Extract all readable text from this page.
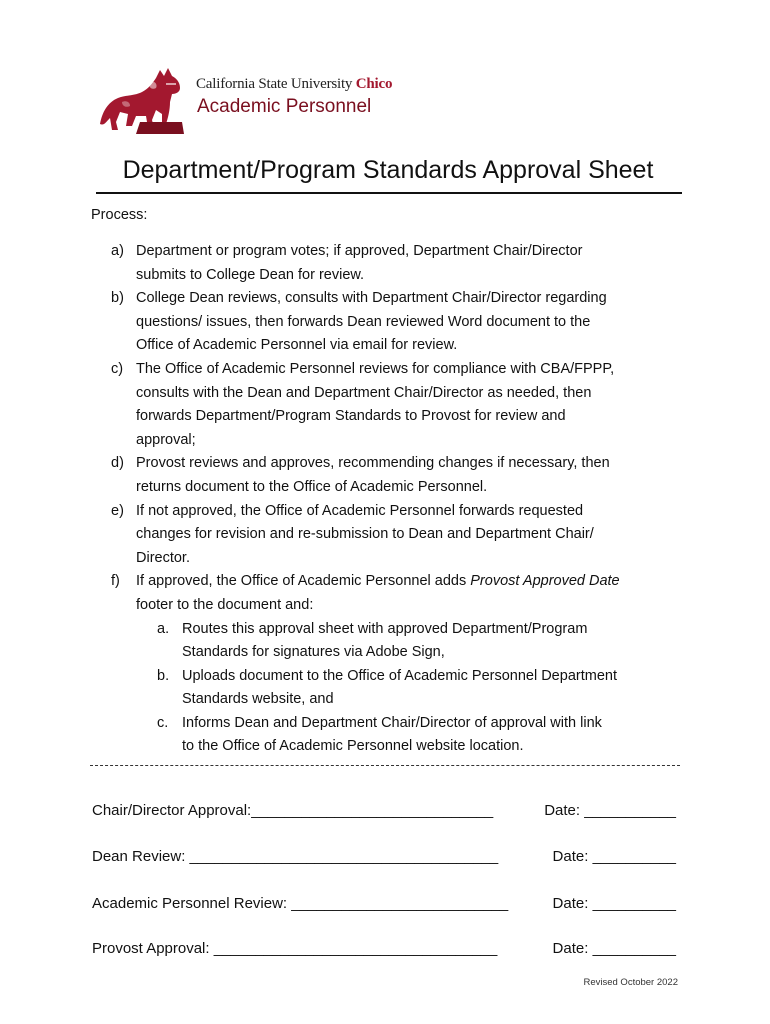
California State University Chico
Academic Personnel
Department/Program Standards Approval Sheet
Process:
a) Department or program votes; if approved, Department Chair/Director
submits to College Dean for review.
b) College Dean reviews, consults with Department Chair/Director regarding
questions/ issues, then forwards Dean reviewed Word document to the
Office of Academic Personnel via email for review.
c) The Office of Academic Personnel reviews for compliance with CBA/FPPP,
consults with the Dean and Department Chair/Director as needed, then
forwards Department/Program Standards to Provost for review and
approval;
d) Provost reviews and approves, recommending changes if necessary, then
returns document to the Office of Academic Personnel.
e) If not approved, the Office of Academic Personnel forwards requested
changes for revision and re-submission to Dean and Department Chair/
Director.
f)	If approved, the Office of Academic Personnel adds Provost Approved Date
footer to the document and:
a. Routes this approval sheet with approved Department/Program
Standards for signatures via Adobe Sign,
b. Uploads document to the Office of Academic Personnel Department
Standards website, and
c. Informs Dean and Department Chair/Director of approval with link
to the Office of Academic Personnel website location.
Chair/Director Approval:_____________________________	Date: ___________
Dean Review: _____________________________________	Date: __________
Academic Personnel Review: __________________________	Date: __________
Provost Approval: __________________________________	Date: __________
Revised October 2022
